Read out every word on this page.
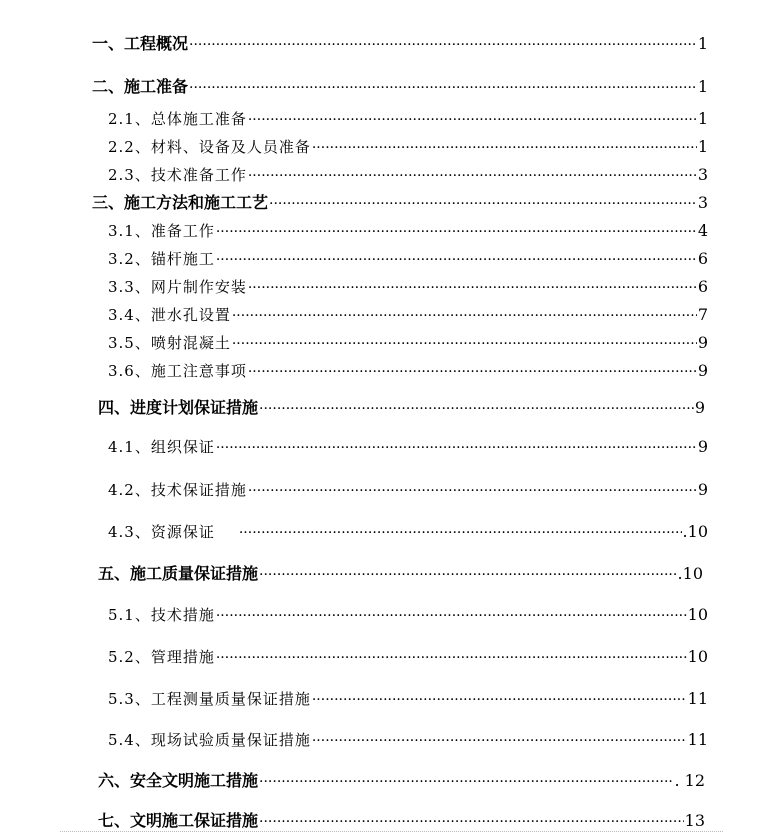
一、工程概况 ·····	1
二、施工准备 ·····	1
2.1、总体施工准备 ·····	1
2.2、材料、设备及人员准备 ·····	1
2.3、技术准备工作 ·····	3
三、施工方法和施工工艺 ·····	3
3.1、准备工作 ·····	4
3.2、锚杆施工 ·····	6
3.3、网片制作安装 ·····	6
3.4、泄水孔设置 ·····	7
3.5、喷射混凝土 ·····	9
3.6、施工注意事项 ·····	9
四、进度计划保证措施 ·····	9
4.1、组织保证 ·····	9
4.2、技术保证措施 ·····	9
4.3、资源保证 ·····	.10
五、施工质量保证措施 ·····	.10
5.1、技术措施 ·····	10
5.2、管理措施 ·····	10
5.3、工程测量质量保证措施 ·····	11
5.4、现场试验质量保证措施 ·····	11
六、安全文明施工措施 ·····	. 12
七、文明施工保证措施 ·····	13
